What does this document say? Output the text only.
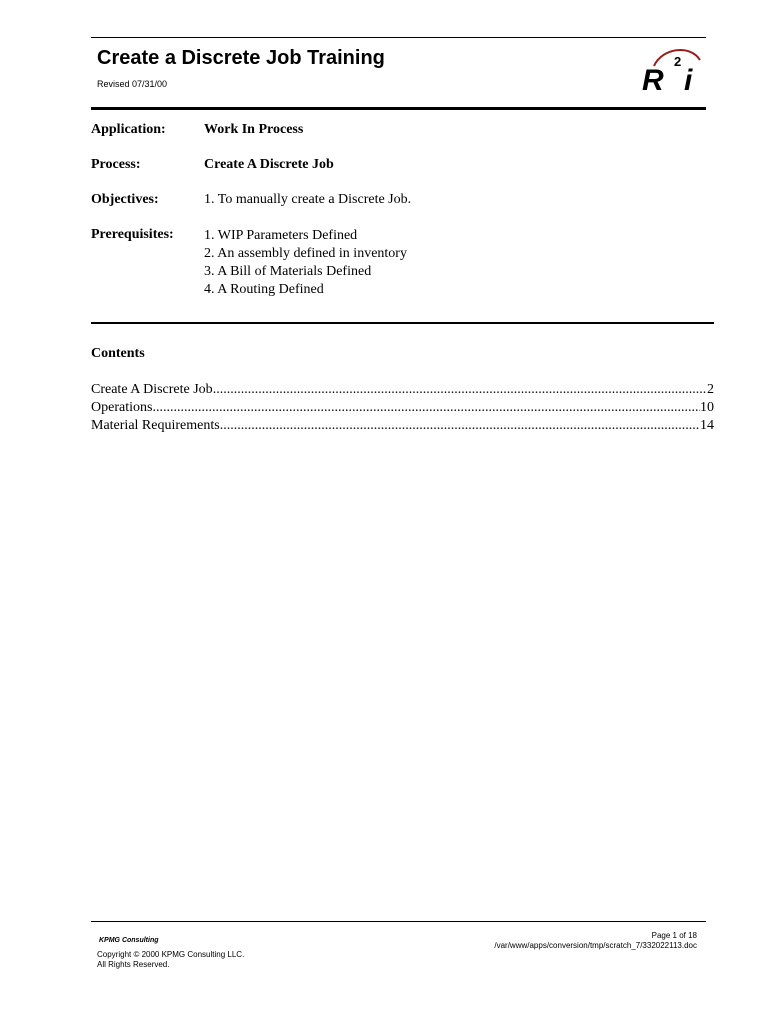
Create a Discrete Job Training
Revised 07/31/00	R
2
i
Application:	Work In Process
Process:	Create A Discrete Job
Objectives:	1. To manually create a Discrete Job.
Prerequisites: 1. WIP Parameters Defined
2. An assembly defined in inventory
3. A Bill of Materials Defined
4. A Routing Defined
Contents
Create A Discrete Job .....	2
Operations .....	10
Material Requirements .....	14
KPMG Consulting
Copyright © 2000 KPMG Consulting LLC.
All Rights Reserved.
Page 1 of 18
/var/www/apps/conversion/tmp/scratch_7/332022113.doc
